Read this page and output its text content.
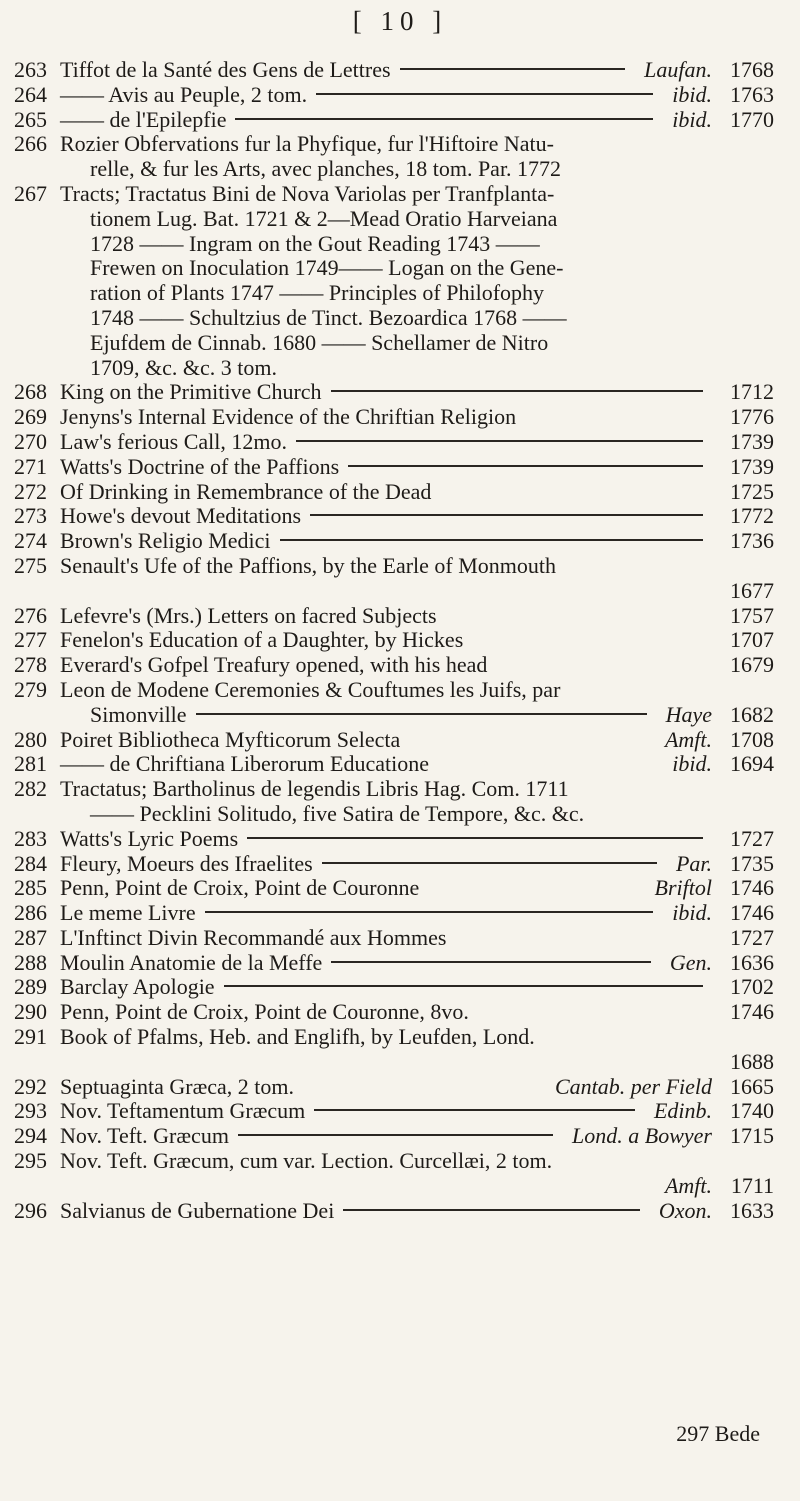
[ 10 ]
263 Tiffot de la Santé des Gens de Lettres	Laufan. 1768
264 —— Avis au Peuple, 2 tom.	ibid. 1763
265 —— de l'Epilepfie	ibid. 1770
266 Rozier Obfervations fur la Phyfique, fur l'Hiftoire Natu-
relle, & fur les Arts, avec planches, 18 tom. Par. 1772
267 Tracts; Tractatus Bini de Nova Variolas per Tranfplanta-
tionem Lug. Bat. 1721 & 2—Mead Oratio Harveiana
1728 —— Ingram on the Gout Reading 1743 ——
Frewen on Inoculation 1749—— Logan on the Gene-
ration of Plants 1747 —— Principles of Philofophy
1748 —— Schultzius de Tinct. Bezoardica 1768 ——
Ejufdem de Cinnab. 1680 —— Schellamer de Nitro
1709, &c. &c. 3 tom.
268 King on the Primitive Church	1712
269 Jenyns's Internal Evidence of the Chriftian Religion	1776
270 Law's ferious Call, 12mo.	1739
271 Watts's Doctrine of the Paffions	1739
272 Of Drinking in Remembrance of the Dead	1725
273 Howe's devout Meditations	1772
274 Brown's Religio Medici	1736
275 Senault's Ufe of the Paffions, by the Earle of Monmouth
1677
276 Lefevre's (Mrs.) Letters on facred Subjects	1757
277 Fenelon's Education of a Daughter, by Hickes	1707
278 Everard's Gofpel Treafury opened, with his head	1679
279 Leon de Modene Ceremonies & Couftumes les Juifs, par
Simonville	Haye 1682
280 Poiret Bibliotheca Myfticorum Selecta	Amft. 1708
281 —— de Chriftiana Liberorum Educatione	ibid. 1694
282 Tractatus; Bartholinus de legendis Libris Hag. Com. 1711
—— Pecklini Solitudo, five Satira de Tempore, &c. &c.
283 Watts's Lyric Poems	1727
284 Fleury, Moeurs des Ifraelites	Par. 1735
285 Penn, Point de Croix, Point de Couronne	Briftol 1746
286 Le meme Livre	ibid. 1746
287 L'Inftinct Divin Recommandé aux Hommes	1727
288 Moulin Anatomie de la Meffe	Gen. 1636
289 Barclay Apologie	1702
290 Penn, Point de Croix, Point de Couronne, 8vo.	1746
291 Book of Pfalms, Heb. and Englifh, by Leufden, Lond.
1688
292 Septuaginta Græca, 2 tom.	Cantab. per Field 1665
293 Nov. Teftamentum Græcum	Edinb. 1740
294 Nov. Teft. Græcum	Lond. a Bowyer 1715
295 Nov. Teft. Græcum, cum var. Lection. Curcellæi, 2 tom.
Amft. 1711
296 Salvianus de Gubernatione Dei	Oxon. 1633
297 Bede
